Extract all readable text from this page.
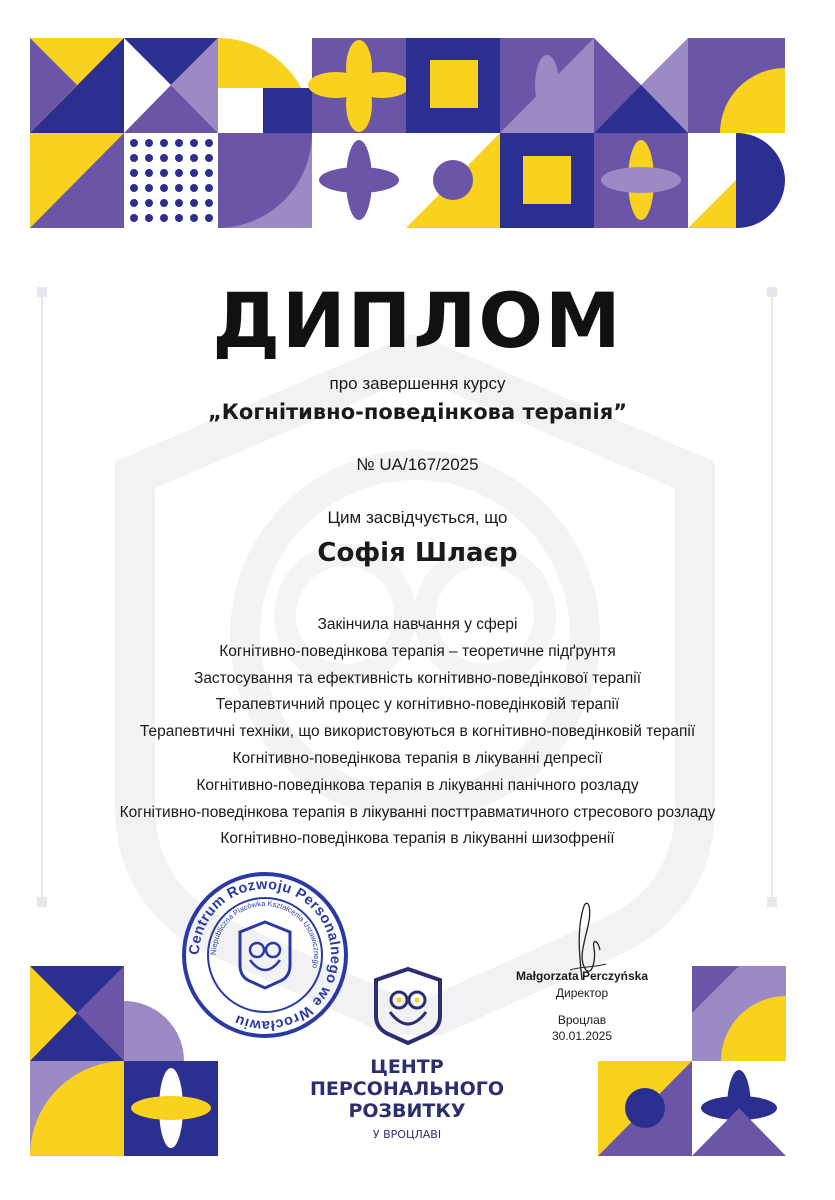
ДИПЛОМ
про завершення курсу
„Когнітивно-поведінкова терапія”
№ UA/167/2025
Цим засвідчується, що
Софія Шлаєр
Закінчила навчання у сфері
Когнітивно-поведінкова терапія – теоретичне підґрунтя
Застосування та ефективність когнітивно-поведінкової терапії
Терапевтичний процес у когнітивно-поведінковій терапії
Терапевтичні техніки, що використовуються в когнітивно-поведінковій терапії
Когнітивно-поведінкова терапія в лікуванні депресії
Когнітивно-поведінкова терапія в лікуванні панічного розладу
Когнітивно-поведінкова терапія в лікуванні посттравматичного стресового розладу
Когнітивно-поведінкова терапія в лікуванні шизофренії
Centrum Rozwoju Personalnego we Wrocławiu
Niepubliczna Placówka Kształcenia Ustawicznego
ЦЕНТР
ПЕРСОНАЛЬНОГО
РОЗВИТКУ
У ВРОЦЛАВІ
Małgorzata Perczyńska
Директор
Вроцлав
30.01.2025
